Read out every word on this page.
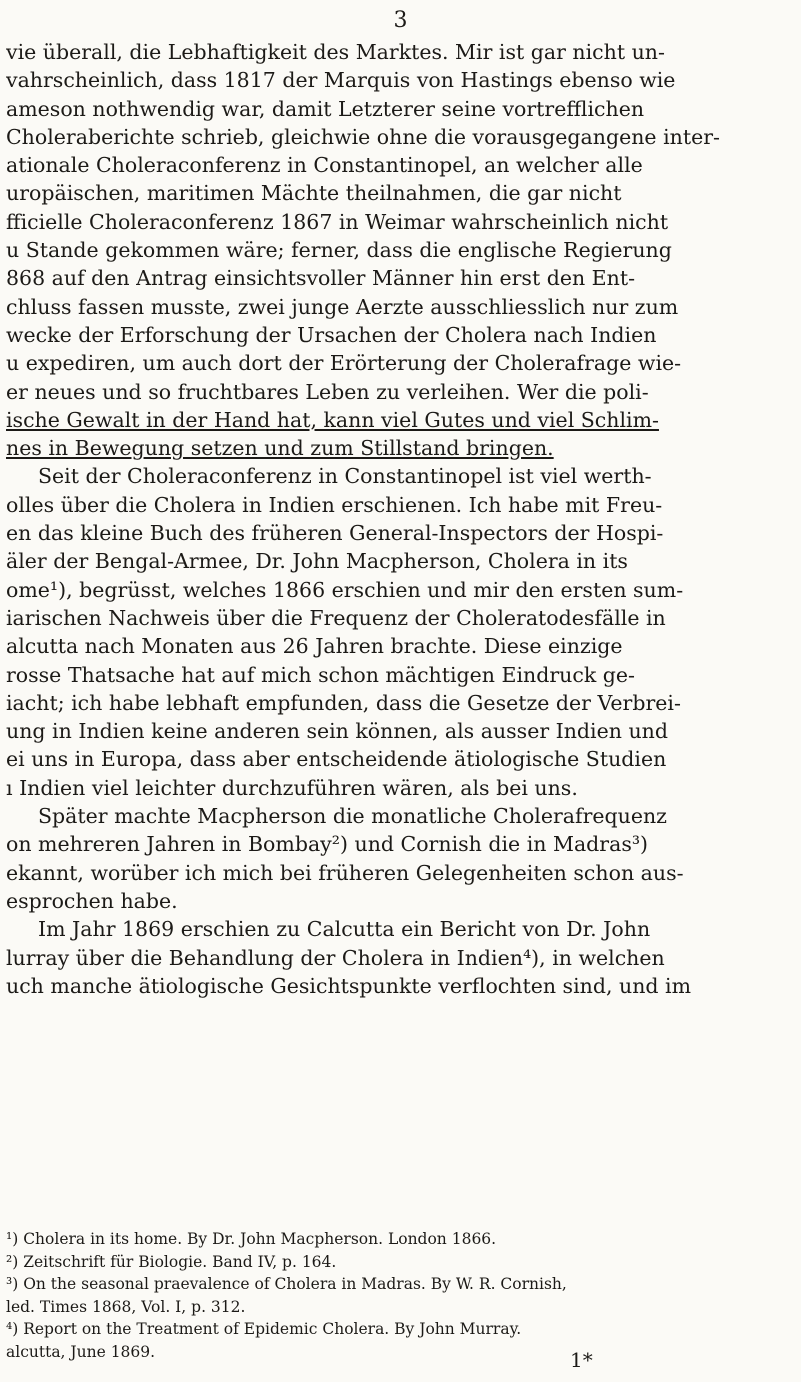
3
vie überall, die Lebhaftigkeit des Marktes. Mir ist gar nicht un-
vahrscheinlich, dass 1817 der Marquis von Hastings ebenso wie
ameson nothwendig war, damit Letzterer seine vortrefflichen
Choleraberichte schrieb, gleichwie ohne die vorausgegangene inter-
ationale Choleraconferenz in Constantinopel, an welcher alle
uropäischen, maritimen Mächte theilnahmen, die gar nicht
fficielle Choleraconferenz 1867 in Weimar wahrscheinlich nicht
u Stande gekommen wäre; ferner, dass die englische Regierung
868 auf den Antrag einsichtsvoller Männer hin erst den Ent-
chluss fassen musste, zwei junge Aerzte ausschliesslich nur zum
wecke der Erforschung der Ursachen der Cholera nach Indien
u expediren, um auch dort der Erörterung der Cholerafrage wie-
er neues und so fruchtbares Leben zu verleihen. Wer die poli-
ische Gewalt in der Hand hat, kann viel Gutes und viel Schlim-
nes in Bewegung setzen und zum Stillstand bringen.
Seit der Choleraconferenz in Constantinopel ist viel werth-
olles über die Cholera in Indien erschienen. Ich habe mit Freu-
en das kleine Buch des früheren General-Inspectors der Hospi-
äler der Bengal-Armee, Dr. John Macpherson, Cholera in its
ome¹), begrüsst, welches 1866 erschien und mir den ersten sum-
iarischen Nachweis über die Frequenz der Choleratodesfälle in
alcutta nach Monaten aus 26 Jahren brachte. Diese einzige
rosse Thatsache hat auf mich schon mächtigen Eindruck ge-
iacht; ich habe lebhaft empfunden, dass die Gesetze der Verbrei-
ung in Indien keine anderen sein können, als ausser Indien und
ei uns in Europa, dass aber entscheidende ätiologische Studien
ı Indien viel leichter durchzuführen wären, als bei uns.
Später machte Macpherson die monatliche Cholerafrequenz
on mehreren Jahren in Bombay²) und Cornish die in Madras³)
ekannt, worüber ich mich bei früheren Gelegenheiten schon aus-
esprochen habe.
Im Jahr 1869 erschien zu Calcutta ein Bericht von Dr. John
lurray über die Behandlung der Cholera in Indien⁴), in welchen
uch manche ätiologische Gesichtspunkte verflochten sind, und im
¹) Cholera in its home. By Dr. John Macpherson. London 1866.
²) Zeitschrift für Biologie. Band IV, p. 164.
³) On the seasonal praevalence of Cholera in Madras. By W. R. Cornish,
led. Times 1868, Vol. I, p. 312.
⁴) Report on the Treatment of Epidemic Cholera. By John Murray.
alcutta, June 1869.	1*
